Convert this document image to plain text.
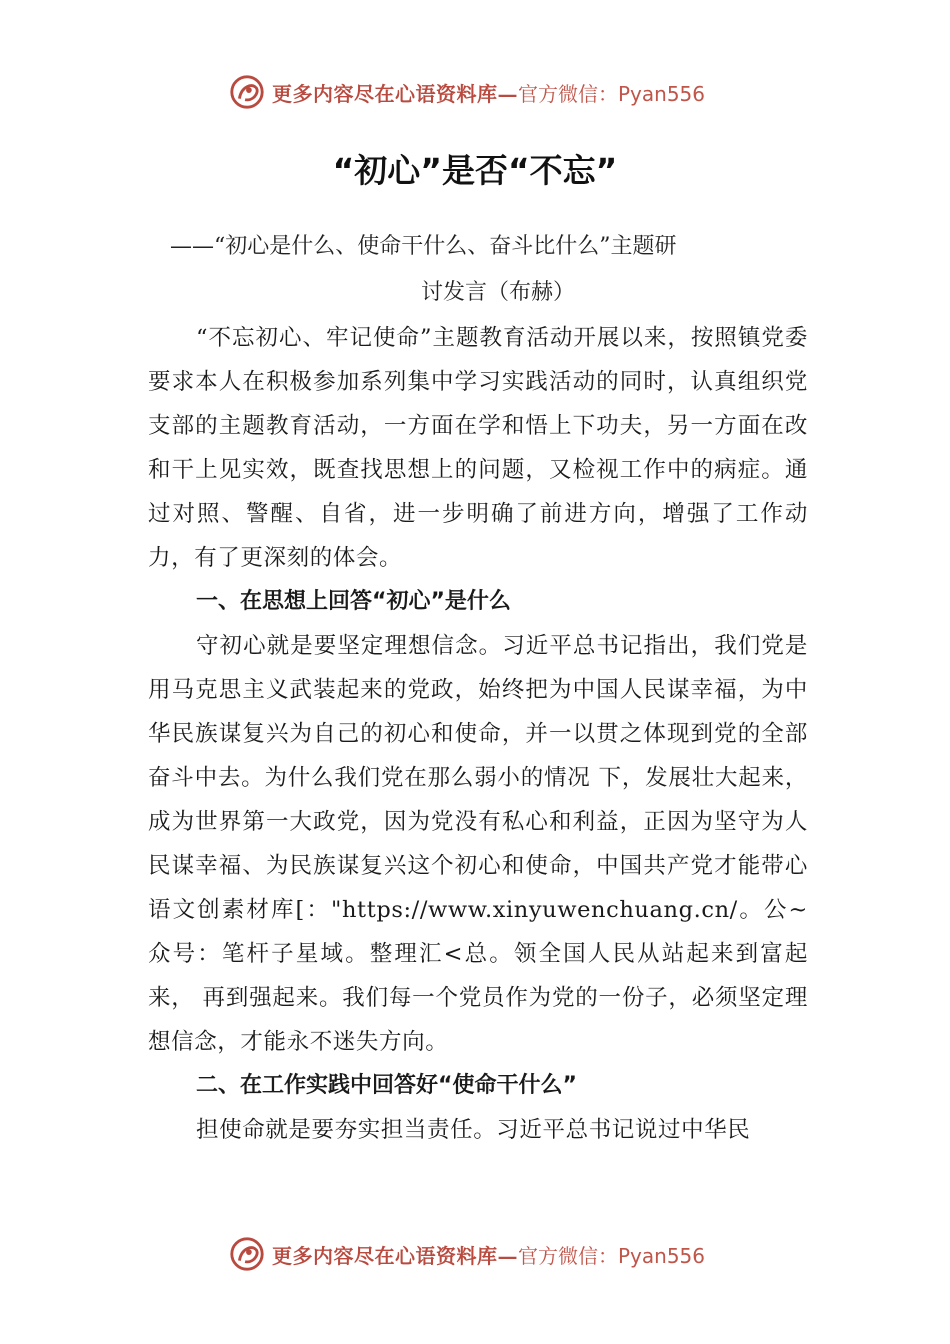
更多内容尽在心语资料库— 官方微信：Pyan556
“初心”是否“不忘”
——“初心是什么、使命干什么、奋斗比什么”主题研
讨发言（布赫）

“不忘初心、牢记使命”主题教育活动开展以来，按照镇党委要求本人在积极参加系列集中学习实践活动的同时，认真组织党支部的主题教育活动，一方面在学和悟上下功夫，另一方面在改和干上见实效，既查找思想上的问题，又检视工作中的病症。通过对照、警醒、自省，进一步明确了前进方向，增强了工作动力，有了更深刻的体会。

一、在思想上回答“初心”是什么

守初心就是要坚定理想信念。习近平总书记指出，我们党是用马克思主义武装起来的党政，始终把为中国人民谋幸福，为中华民族谋复兴为自己的初心和使命，并一以贯之体现到党的全部奋斗中去。为什么我们党在那么弱小的情况 下，发展壮大起来，成为世界第一大政党，因为党没有私心和利益，正因为坚守为人民谋幸福、为民族谋复兴这个初心和使命，中国共产党才能带心语文创素材库[："https://www.xinyuwenchuang.cn/。公~众号：笔杆子星域。整理汇<总。领全国人民从站起来到富起来， 再到强起来。我们每一个党员作为党的一份子，必须坚定理想信念，才能永不迷失方向。

二、在工作实践中回答好“使命干什么”

担使命就是要夯实担当责任。习近平总书记说过中华民

更多内容尽在心语资料库— 官方微信：Pyan556
